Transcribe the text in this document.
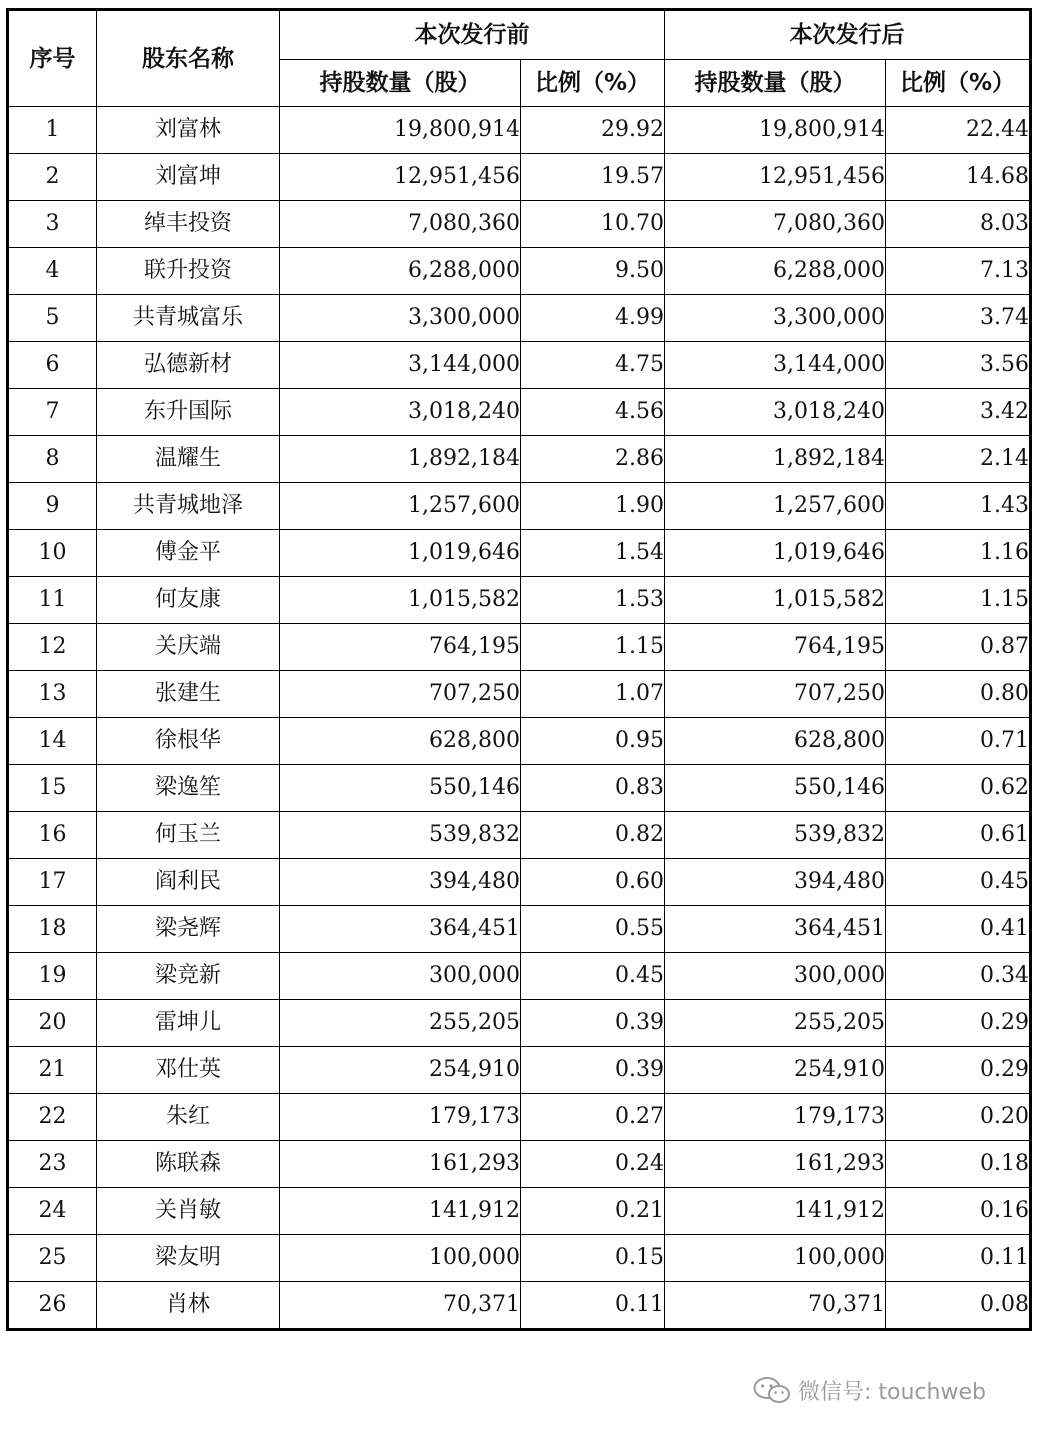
序号	股东名称	本次发行前		本次发行后	
		持股数量（股）	比例（%）	持股数量（股）	比例（%）
1	刘富林	19,800,914	29.92	19,800,914	22.44
2	刘富坤	12,951,456	19.57	12,951,456	14.68
3	绰丰投资	7,080,360	10.70	7,080,360	8.03
4	联升投资	6,288,000	9.50	6,288,000	7.13
5	共青城富乐	3,300,000	4.99	3,300,000	3.74
6	弘德新材	3,144,000	4.75	3,144,000	3.56
7	东升国际	3,018,240	4.56	3,018,240	3.42
8	温耀生	1,892,184	2.86	1,892,184	2.14
9	共青城地泽	1,257,600	1.90	1,257,600	1.43
10	傅金平	1,019,646	1.54	1,019,646	1.16
11	何友康	1,015,582	1.53	1,015,582	1.15
12	关庆端	764,195	1.15	764,195	0.87
13	张建生	707,250	1.07	707,250	0.80
14	徐根华	628,800	0.95	628,800	0.71
15	梁逸笙	550,146	0.83	550,146	0.62
16	何玉兰	539,832	0.82	539,832	0.61
17	阎利民	394,480	0.60	394,480	0.45
18	梁尧辉	364,451	0.55	364,451	0.41
19	梁竞新	300,000	0.45	300,000	0.34
20	雷坤儿	255,205	0.39	255,205	0.29
21	邓仕英	254,910	0.39	254,910	0.29
22	朱红	179,173	0.27	179,173	0.20
23	陈联森	161,293	0.24	161,293	0.18
24	关肖敏	141,912	0.21	141,912	0.16
25	梁友明	100,000	0.15	100,000	0.11
26	肖林	70,371	0.11	70,371	0.08
微信号: touchweb
